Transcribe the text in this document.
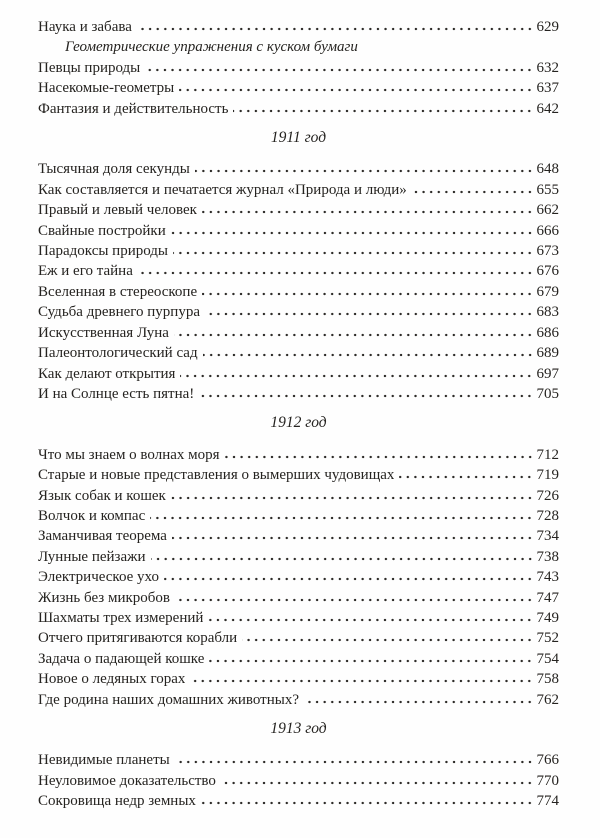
Наука и забава	629
Геометрические упражнения с куском бумаги
Певцы природы	632
Насекомые-геометры	637
Фантазия и действительность	642
1911 год
Тысячная доля секунды	648
Как составляется и печатается журнал «Природа и люди»	655
Правый и левый человек	662
Свайные постройки	666
Парадоксы природы	673
Еж и его тайна	676
Вселенная в стереоскопе	679
Судьба древнего пурпура	683
Искусственная Луна	686
Палеонтологический сад	689
Как делают открытия	697
И на Солнце есть пятна!	705
1912 год
Что мы знаем о волнах моря	712
Старые и новые представления о вымерших чудовищах	719
Язык собак и кошек	726
Волчок и компас	728
Заманчивая теорема	734
Лунные пейзажи	738
Электрическое ухо	743
Жизнь без микробов	747
Шахматы трех измерений	749
Отчего притягиваются корабли	752
Задача о падающей кошке	754
Новое о ледяных горах	758
Где родина наших домашних животных?	762
1913 год
Невидимые планеты	766
Неуловимое доказательство	770
Сокровища недр земных	774
